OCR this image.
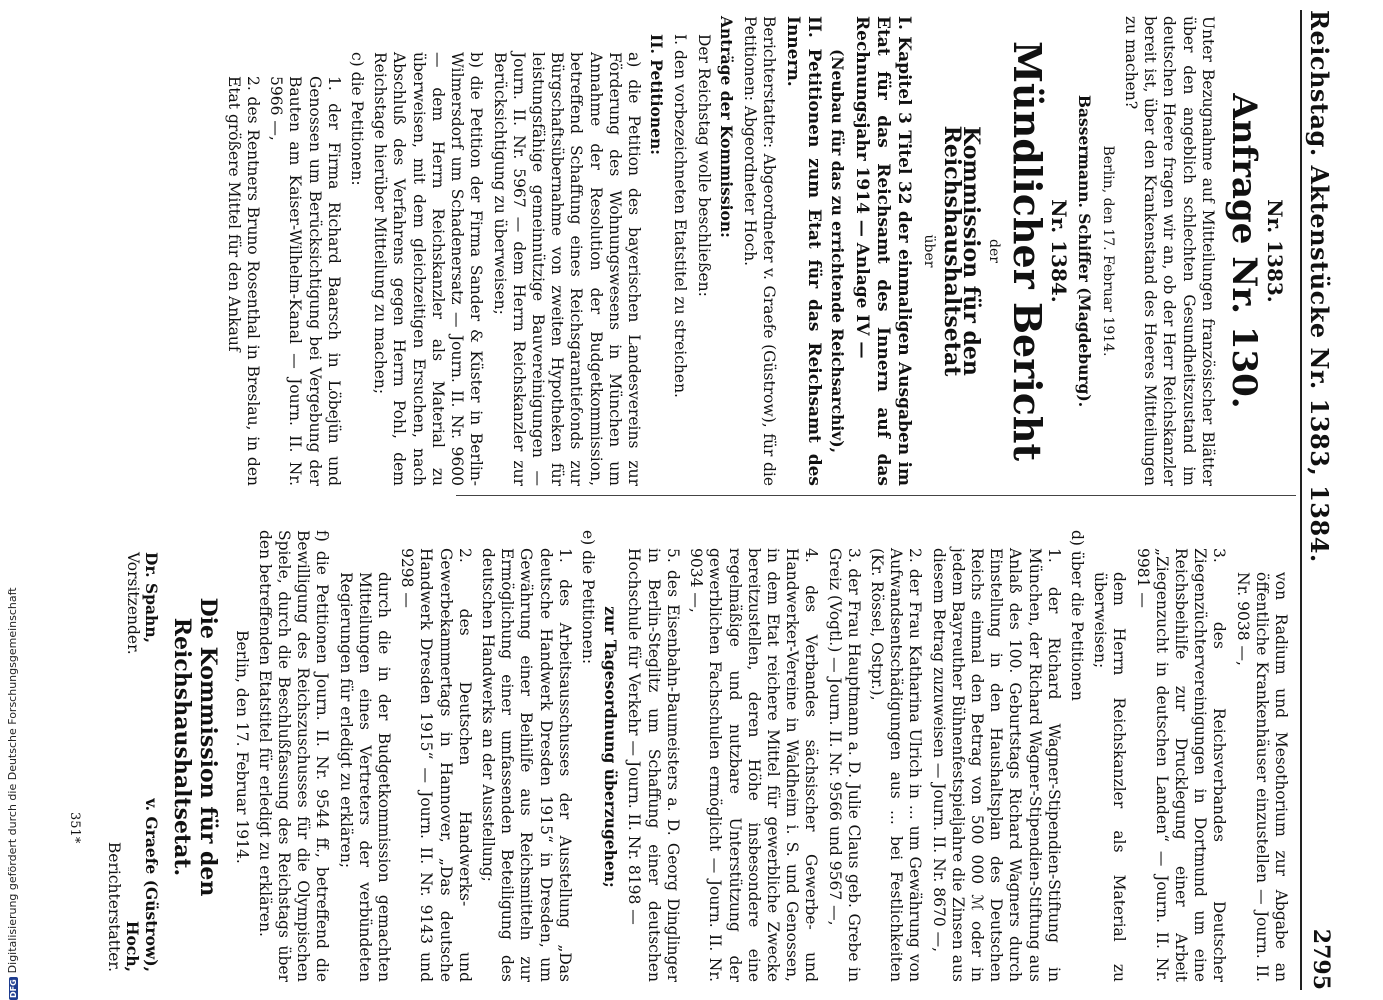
Reichstag. Aktenstücke Nr. 1383, 1384.
2795
Nr. 1383.
Anfrage Nr. 130.

Unter Bezugnahme auf Mitteilungen französischer Blätter über den angeblich schlechten Gesundheitszustand im deutschen Heere fragen wir an, ob der Herr Reichskanzler bereit ist, über den Krankenstand des Heeres Mitteilungen zu machen?

Berlin, den 17. Februar 1914.

Bassermann. Schiffer (Magdeburg).

Nr. 1384.
Mündlicher Bericht

der

Kommission für den Reichshaushaltsetat

über

I. Kapitel 3 Titel 32 der einmaligen Ausgaben im Etat für das Reichsamt des Innern auf das Rechnungsjahr 1914 — Anlage IV —

(Neubau für das zu errichtende Reichsarchiv),

II. Petitionen zum Etat für das Reichsamt des Innern.

Berichterstatter: Abgeordneter v. Graefe (Güstrow), für die Petitionen: Abgeordneter Hoch.

Anträge der Kommission:

Der Reichstag wolle beschließen:

I. den vorbezeichneten Etatstitel zu streichen.

II. Petitionen:

a) die Petition des bayerischen Landesvereins zur Förderung des Wohnungswesens in München um Annahme der Resolution der Budgetkommission, betreffend Schaffung eines Reichsgarantiefonds zur Bürgschaftsübernahme von zweiten Hypotheken für leistungsfähige gemeinnützige Bauvereinigungen — Journ. II. Nr. 5967 — dem Herrn Reichskanzler zur Berücksichtigung zu überweisen;

b) die Petition der Firma Sander & Küster in Berlin-Wilmersdorf um Schadenersatz — Journ. II. Nr. 9600 — dem Herrn Reichskanzler als Material zu überweisen, mit dem gleichzeitigen Ersuchen, nach Abschluß des Verfahrens gegen Herrn Pohl, dem Reichstage hierüber Mitteilung zu machen;

c) die Petitionen:

1. der Firma Richard Baarsch in Löbejün und Genossen um Berücksichtigung bei Vergebung der Bauten am Kaiser-Wilhelm-Kanal — Journ. II. Nr. 5966 —,

2. des Rentners Bruno Rosenthal in Breslau, in den Etat größere Mittel für den Ankauf

von Radium und Mesothorium zur Abgabe an öffentliche Krankenhäuser einzustellen — Journ. II. Nr. 9038 —,

3. des Reichsverbandes Deutscher Ziegenzüchtervereinigungen in Dortmund um eine Reichsbeihilfe zur Drucklegung einer Arbeit „Ziegenzucht in deutschen Landen“ — Journ. II. Nr. 9981 —

dem Herrn Reichskanzler als Material zu überweisen;

d) über die Petitionen

1. der Richard Wagner-Stipendien-Stiftung in München, der Richard Wagner-Stipendien-Stiftung aus Anlaß des 100. Geburtstags Richard Wagners durch Einstellung in den Haushaltsplan des Deutschen Reichs einmal den Betrag von 500 000 ℳ oder in jedem Bayreuther Bühnenfestspieljahre die Zinsen aus diesem Betrag zuzuweisen — Journ. II. Nr. 8670 —,

2. der Frau Katharina Ulrich in ... um Gewährung von Aufwandsentschädigungen aus ... bei Festlichkeiten (Kr. Rössel, Ostpr.),

3. der Frau Hauptmann a. D. Julie Claus geb. Grebe in Greiz (Vogtl.) — Journ. II. Nr. 9566 und 9567 —,

4. des Verbandes sächsischer Gewerbe- und Handwerker-Vereine in Waldheim i. S. und Genossen, in dem Etat reichere Mittel für gewerbliche Zwecke bereitzustellen, deren Höhe insbesondere eine regelmäßige und nutzbare Unterstützung der gewerblichen Fachschulen ermöglicht — Journ. II. Nr. 9034 —,

5. des Eisenbahn-Baumeisters a. D. Georg Dinglinger in Berlin-Steglitz um Schaffung einer deutschen Hochschule für Verkehr — Journ. II. Nr. 8198 —

zur Tagesordnung überzugehen;

e) die Petitionen:

1. des Arbeitsausschusses der Ausstellung „Das deutsche Handwerk Dresden 1915“ in Dresden, um Gewährung einer Beihilfe aus Reichsmitteln zur Ermöglichung einer umfassenden Beteiligung des deutschen Handwerks an der Ausstellung;

2. des Deutschen Handwerks- und Gewerbekammertags in Hannover, „Das deutsche Handwerk Dresden 1915“ — Journ. II. Nr. 9143 und 9298 —

durch die in der Budgetkommission gemachten Mitteilungen eines Vertreters der verbündeten Regierungen für erledigt zu erklären;

f) die Petitionen Journ. II. Nr. 9544 ff., betreffend die Bewilligung des Reichszuschusses für die Olympischen Spiele, durch die Beschlußfassung des Reichstags über den betreffenden Etatstitel für erledigt zu erklären.

Berlin, den 17. Februar 1914.

Die Kommission für den Reichshaushaltsetat.
Dr. Spahn,
Vorsitzender.
v. Graefe (Güstrow),
Hoch,
Berichterstatter.
351*
DFGDigitalisierung gefördert durch die Deutsche Forschungsgemeinschaft
